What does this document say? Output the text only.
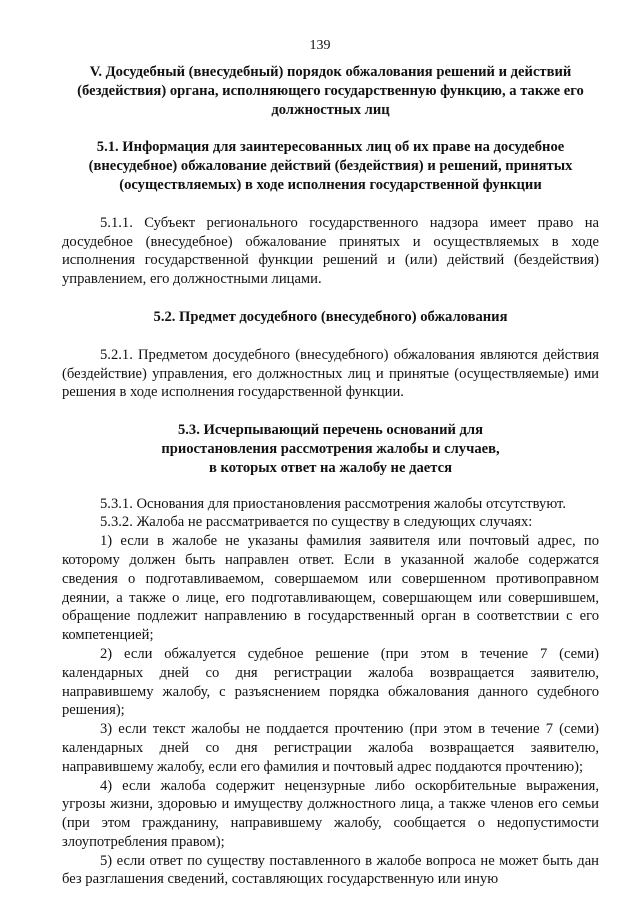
139

V. Досудебный (внесудебный) порядок обжалования решений и действий (бездействия) органа, исполняющего государственную функцию, а также его должностных лиц

5.1. Информация для заинтересованных лиц об их праве на досудебное (внесудебное) обжалование действий (бездействия) и решений, принятых (осуществляемых) в ходе исполнения государственной функции

5.1.1. Субъект регионального государственного надзора имеет право на досудебное (внесудебное) обжалование принятых и осуществляемых в ходе исполнения государственной функции решений и (или) действий (бездействия) управлением, его должностными лицами.

5.2. Предмет досудебного (внесудебного) обжалования

5.2.1. Предметом досудебного (внесудебного) обжалования являются действия (бездействие) управления, его должностных лиц и принятые (осуществляемые) ими решения в ходе исполнения государственной функции.

5.3. Исчерпывающий перечень оснований для приостановления рассмотрения жалобы и случаев, в которых ответ на жалобу не дается

5.3.1. Основания для приостановления рассмотрения жалобы отсутствуют.

5.3.2. Жалоба не рассматривается по существу в следующих случаях:

1) если в жалобе не указаны фамилия заявителя или почтовый адрес, по которому должен быть направлен ответ. Если в указанной жалобе содержатся сведения о подготавливаемом, совершаемом или совершенном противоправном деянии, а также о лице, его подготавливающем, совершающем или совершившем, обращение подлежит направлению в государственный орган в соответствии с его компетенцией;

2) если обжалуется судебное решение (при этом в течение 7 (семи) календарных дней со дня регистрации жалоба возвращается заявителю, направившему жалобу, с разъяснением порядка обжалования данного судебного решения);

3) если текст жалобы не поддается прочтению (при этом в течение 7 (семи) календарных дней со дня регистрации жалоба возвращается заявителю, направившему жалобу, если его фамилия и почтовый адрес поддаются прочтению);

4) если жалоба содержит нецензурные либо оскорбительные выражения, угрозы жизни, здоровью и имуществу должностного лица, а также членов его семьи (при этом гражданину, направившему жалобу, сообщается о недопустимости злоупотребления правом);

5) если ответ по существу поставленного в жалобе вопроса не может быть дан без разглашения сведений, составляющих государственную или иную
